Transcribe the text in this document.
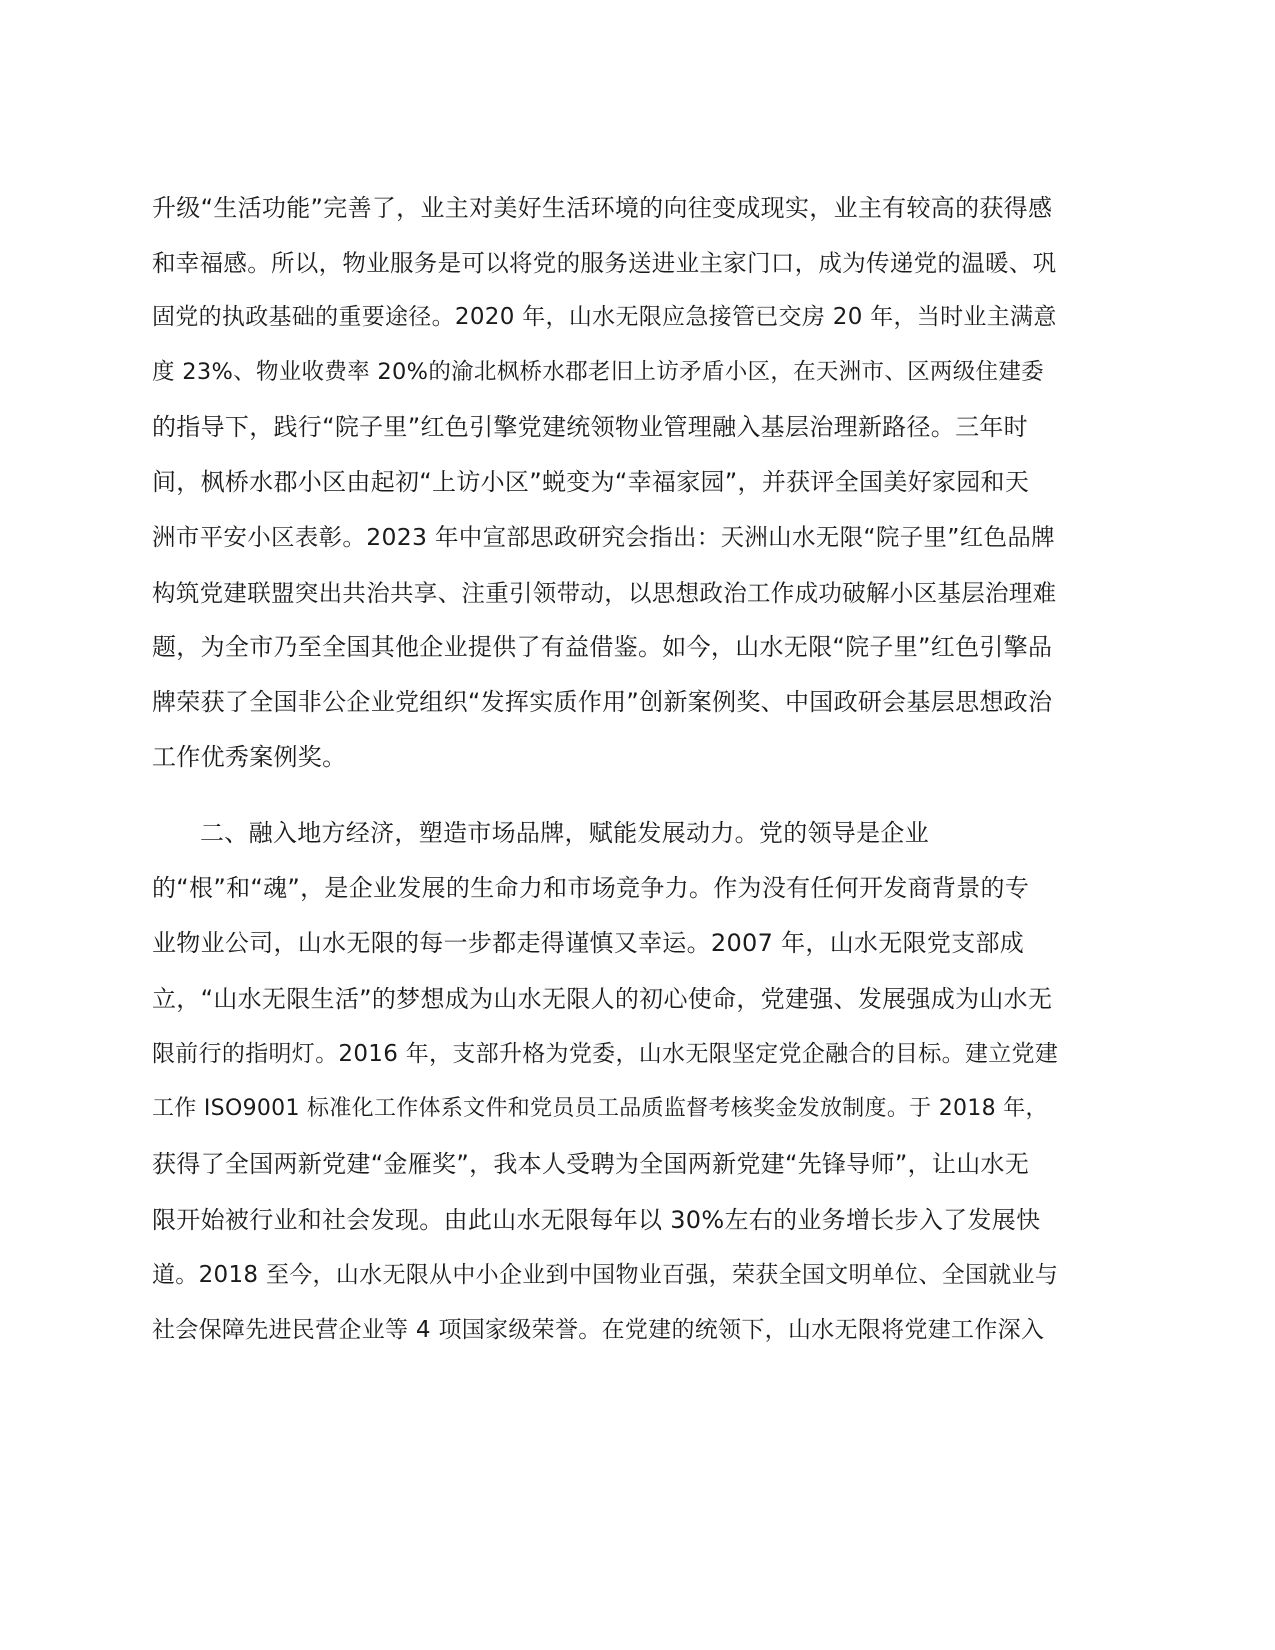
升级“生活功能”完善了，业主对美好生活环境的向往变成现实，业主有较高的获得感
和幸福感。所以，物业服务是可以将党的服务送进业主家门口，成为传递党的温暖、巩
固党的执政基础的重要途径。2020 年，山水无限应急接管已交房 20 年，当时业主满意
度 23%、物业收费率 20%的渝北枫桥水郡老旧上访矛盾小区，在天洲市、区两级住建委
的指导下，践行“院子里”红色引擎党建统领物业管理融入基层治理新路径。三年时
间，枫桥水郡小区由起初“上访小区”蜕变为“幸福家园”，并获评全国美好家园和天
洲市平安小区表彰。2023 年中宣部思政研究会指出：天洲山水无限“院子里”红色品牌
构筑党建联盟突出共治共享、注重引领带动，以思想政治工作成功破解小区基层治理难
题，为全市乃至全国其他企业提供了有益借鉴。如今，山水无限“院子里”红色引擎品
牌荣获了全国非公企业党组织“发挥实质作用”创新案例奖、中国政研会基层思想政治
工作优秀案例奖。
二、融入地方经济，塑造市场品牌，赋能发展动力。党的领导是企业
的“根”和“魂”，是企业发展的生命力和市场竞争力。作为没有任何开发商背景的专
业物业公司，山水无限的每一步都走得谨慎又幸运。2007 年，山水无限党支部成
立，“山水无限生活”的梦想成为山水无限人的初心使命，党建强、发展强成为山水无
限前行的指明灯。2016 年，支部升格为党委，山水无限坚定党企融合的目标。建立党建
工作 ISO9001 标准化工作体系文件和党员员工品质监督考核奖金发放制度。于 2018 年，
获得了全国两新党建“金雁奖”，我本人受聘为全国两新党建“先锋导师”，让山水无
限开始被行业和社会发现。由此山水无限每年以 30%左右的业务增长步入了发展快
道。2018 至今，山水无限从中小企业到中国物业百强，荣获全国文明单位、全国就业与
社会保障先进民营企业等 4 项国家级荣誉。在党建的统领下，山水无限将党建工作深入
